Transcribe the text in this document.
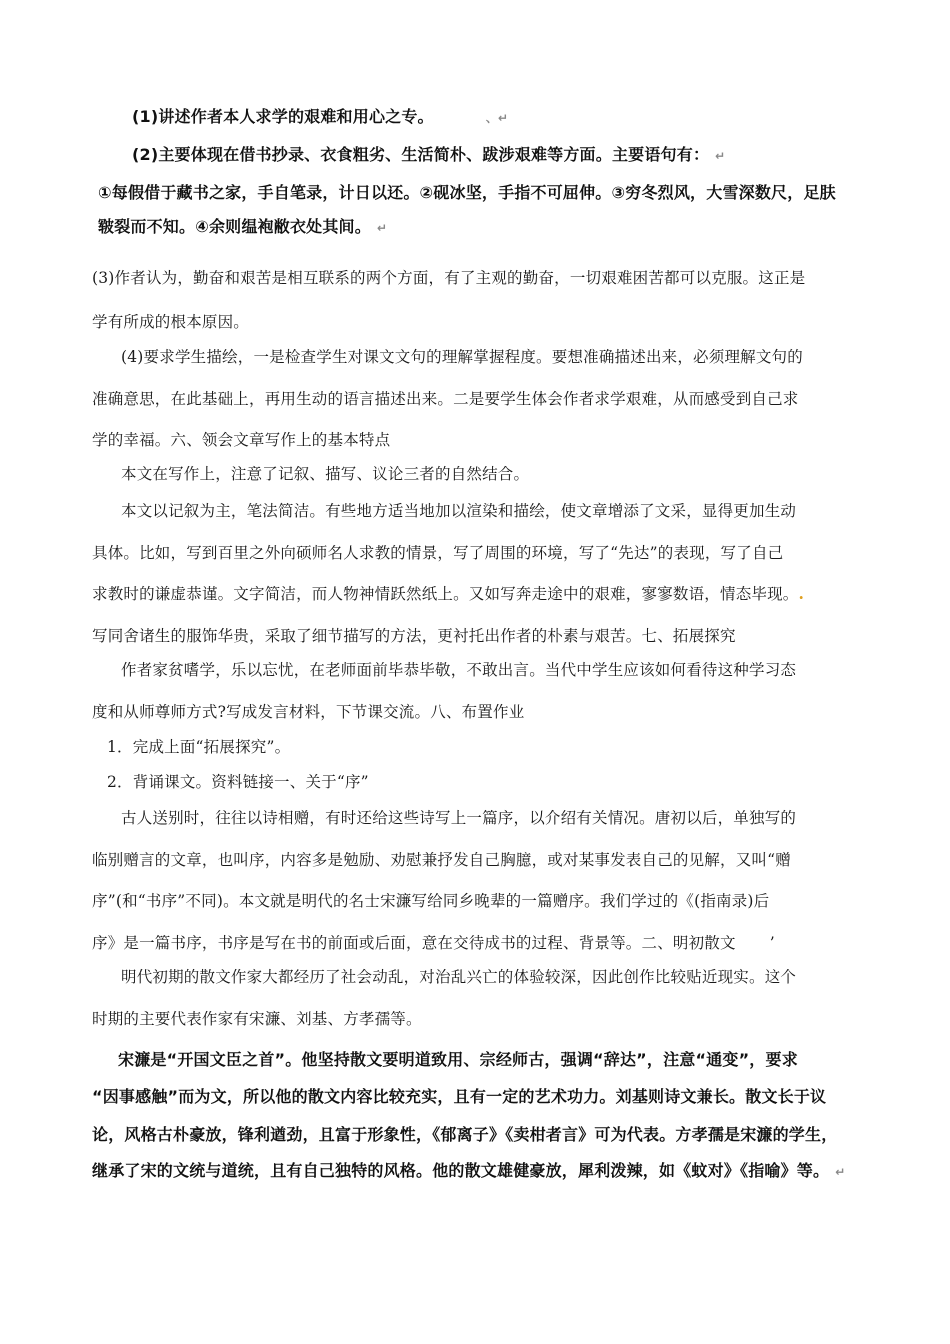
(1)讲述作者本人求学的艰难和用心之专。	、↵
(2)主要体现在借书抄录、衣食粗劣、生活简朴、跋涉艰难等方面。主要语句有： ↵
①每假借于藏书之家，手自笔录，计日以还。②砚冰坚，手指不可屈伸。③穷冬烈风，大雪深数尺，足肤
皲裂而不知。④余则缊袍敝衣处其间。 ↵
(3)作者认为，勤奋和艰苦是相互联系的两个方面，有了主观的勤奋，一切艰难困苦都可以克服。这正是
学有所成的根本原因。
(4)要求学生描绘，一是检查学生对课文文句的理解掌握程度。要想准确描述出来，必须理解文句的
准确意思，在此基础上，再用生动的语言描述出来。二是要学生体会作者求学艰难，从而感受到自己求
学的幸福。六、领会文章写作上的基本特点
本文在写作上，注意了记叙、描写、议论三者的自然结合。
本文以记叙为主，笔法简洁。有些地方适当地加以渲染和描绘，使文章增添了文采，显得更加生动
具体。比如，写到百里之外向硕师名人求教的情景，写了周围的环境，写了“先达”的表现，写了自己
求教时的谦虚恭谨。文字简洁，而人物神情跃然纸上。又如写奔走途中的艰难，寥寥数语，情态毕现。.
写同舍诸生的服饰华贵，采取了细节描写的方法，更衬托出作者的朴素与艰苦。七、拓展探究
作者家贫嗜学，乐以忘忧，在老师面前毕恭毕敬，不敢出言。当代中学生应该如何看待这种学习态
度和从师尊师方式?写成发言材料，下节课交流。八、布置作业
1．完成上面“拓展探究”。
2．背诵课文。资料链接一、关于“序”
古人送别时，往往以诗相赠，有时还给这些诗写上一篇序，以介绍有关情况。唐初以后，单独写的
临别赠言的文章，也叫序，内容多是勉励、劝慰兼抒发自己胸臆，或对某事发表自己的见解，又叫“赠
序”(和“书序”不同)。本文就是明代的名士宋濂写给同乡晚辈的一篇赠序。我们学过的《(指南录)后
序》是一篇书序，书序是写在书的前面或后面，意在交待成书的过程、背景等。二、明初散文 ’
明代初期的散文作家大都经历了社会动乱，对治乱兴亡的体验较深，因此创作比较贴近现实。这个
时期的主要代表作家有宋濂、刘基、方孝孺等。
宋濂是“开国文臣之首”。他坚持散文要明道致用、宗经师古，强调“辞达”，注意“通变”，要求
“因事感触”而为文，所以他的散文内容比较充实，且有一定的艺术功力。刘基则诗文兼长。散文长于议
论，风格古朴豪放，锋利遒劲，且富于形象性，《郁离子》《卖柑者言》可为代表。方孝孺是宋濂的学生，
继承了宋的文统与道统，且有自己独特的风格。他的散文雄健豪放，犀利泼辣，如《蚊对》《指喻》等。 ↵
